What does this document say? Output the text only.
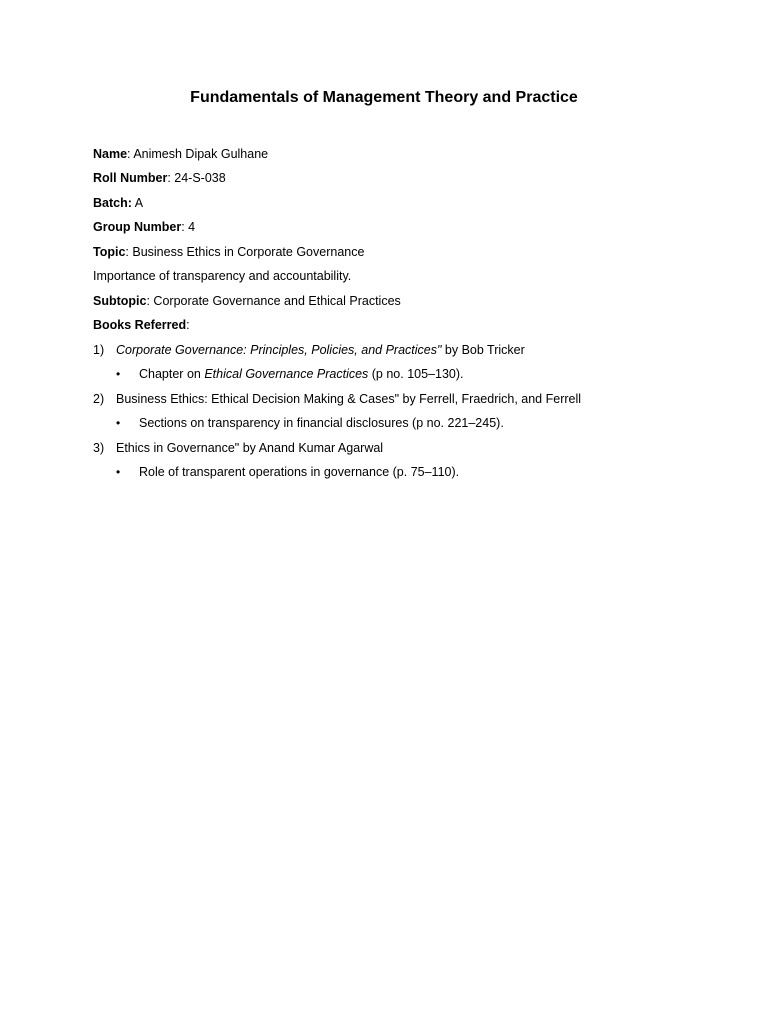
Fundamentals of Management Theory and Practice
Name: Animesh Dipak Gulhane
Roll Number: 24-S-038
Batch: A
Group Number: 4
Topic: Business Ethics in Corporate Governance
Importance of transparency and accountability.
Subtopic: Corporate Governance and Ethical Practices
Books Referred:
1) Corporate Governance: Principles, Policies, and Practices" by Bob Tricker
• Chapter on Ethical Governance Practices (p no. 105–130).
2) Business Ethics: Ethical Decision Making & Cases" by Ferrell, Fraedrich, and Ferrell
• Sections on transparency in financial disclosures (p no. 221–245).
3) Ethics in Governance" by Anand Kumar Agarwal
• Role of transparent operations in governance (p. 75–110).
